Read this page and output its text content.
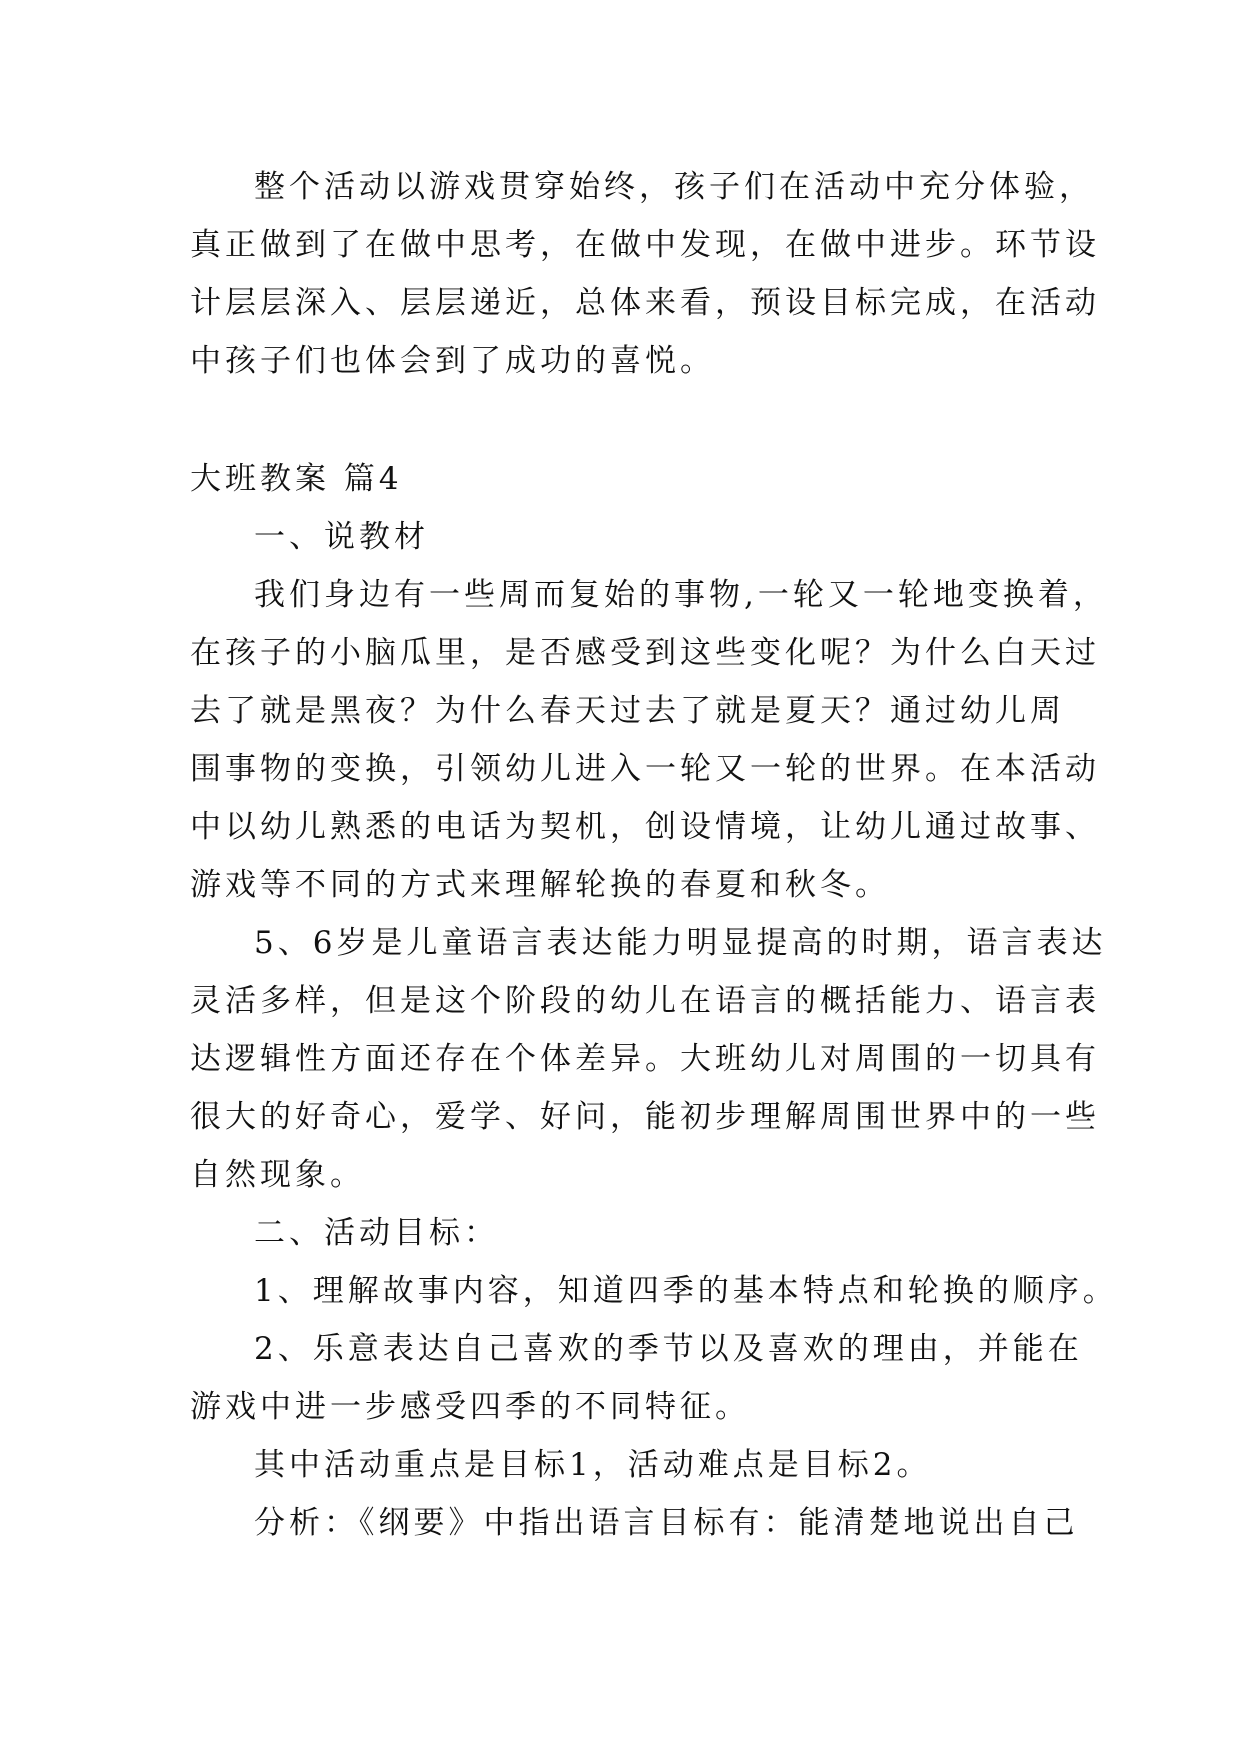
整个活动以游戏贯穿始终，孩子们在活动中充分体验，
真正做到了在做中思考，在做中发现，在做中进步。环节设
计层层深入、层层递近，总体来看，预设目标完成，在活动
中孩子们也体会到了成功的喜悦。
大班教案 篇4
一、说教材
我们身边有一些周而复始的事物,一轮又一轮地变换着，
在孩子的小脑瓜里，是否感受到这些变化呢？为什么白天过
去了就是黑夜？为什么春天过去了就是夏天？通过幼儿周
围事物的变换，引领幼儿进入一轮又一轮的世界。在本活动
中以幼儿熟悉的电话为契机，创设情境，让幼儿通过故事、
游戏等不同的方式来理解轮换的春夏和秋冬。
5、6岁是儿童语言表达能力明显提高的时期，语言表达
灵活多样，但是这个阶段的幼儿在语言的概括能力、语言表
达逻辑性方面还存在个体差异。大班幼儿对周围的一切具有
很大的好奇心，爱学、好问，能初步理解周围世界中的一些
自然现象。
二、活动目标：
1、理解故事内容，知道四季的基本特点和轮换的顺序。
2、乐意表达自己喜欢的季节以及喜欢的理由，并能在
游戏中进一步感受四季的不同特征。
其中活动重点是目标1，活动难点是目标2。
分析：《纲要》中指出语言目标有：能清楚地说出自己
